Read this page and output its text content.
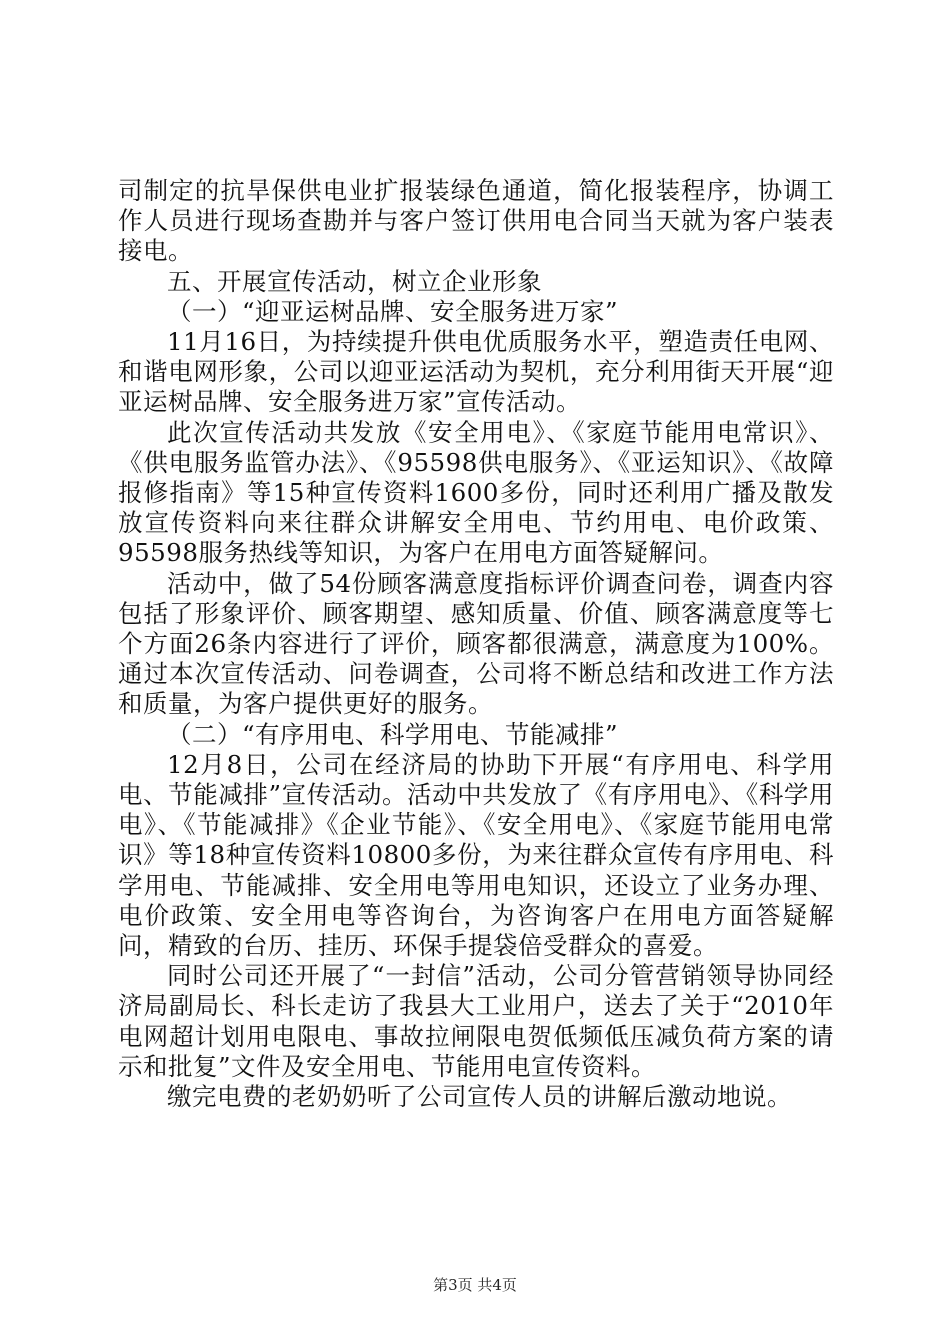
司制定的抗旱保供电业扩报装绿色通道，简化报装程序，协调工作人员进行现场查勘并与客户签订供用电合同当天就为客户装表接电。

五、开展宣传活动，树立企业形象

（一）“迎亚运树品牌、安全服务进万家”

11月16日，为持续提升供电优质服务水平，塑造责任电网、和谐电网形象，公司以迎亚运活动为契机，充分利用街天开展“迎亚运树品牌、安全服务进万家”宣传活动。

此次宣传活动共发放《安全用电》、《家庭节能用电常识》、《供电服务监管办法》、《95598供电服务》、《亚运知识》、《故障报修指南》等15种宣传资料1600多份，同时还利用广播及散发放宣传资料向来往群众讲解安全用电、节约用电、电价政策、95598服务热线等知识，为客户在用电方面答疑解问。

活动中，做了54份顾客满意度指标评价调查问卷，调查内容包括了形象评价、顾客期望、感知质量、价值、顾客满意度等七个方面26条内容进行了评价，顾客都很满意，满意度为100%。通过本次宣传活动、问卷调查，公司将不断总结和改进工作方法和质量，为客户提供更好的服务。

（二）“有序用电、科学用电、节能减排”

12月8日，公司在经济局的协助下开展“有序用电、科学用电、节能减排”宣传活动。活动中共发放了《有序用电》、《科学用电》、《节能减排》《企业节能》、《安全用电》、《家庭节能用电常识》等18种宣传资料10800多份，为来往群众宣传有序用电、科学用电、节能减排、安全用电等用电知识，还设立了业务办理、电价政策、安全用电等咨询台，为咨询客户在用电方面答疑解问，精致的台历、挂历、环保手提袋倍受群众的喜爱。

同时公司还开展了“一封信”活动，公司分管营销领导协同经济局副局长、科长走访了我县大工业用户，送去了关于“2010年电网超计划用电限电、事故拉闸限电贺低频低压减负荷方案的请示和批复”文件及安全用电、节能用电宣传资料。

缴完电费的老奶奶听了公司宣传人员的讲解后激动地说。

第3页 共4页
